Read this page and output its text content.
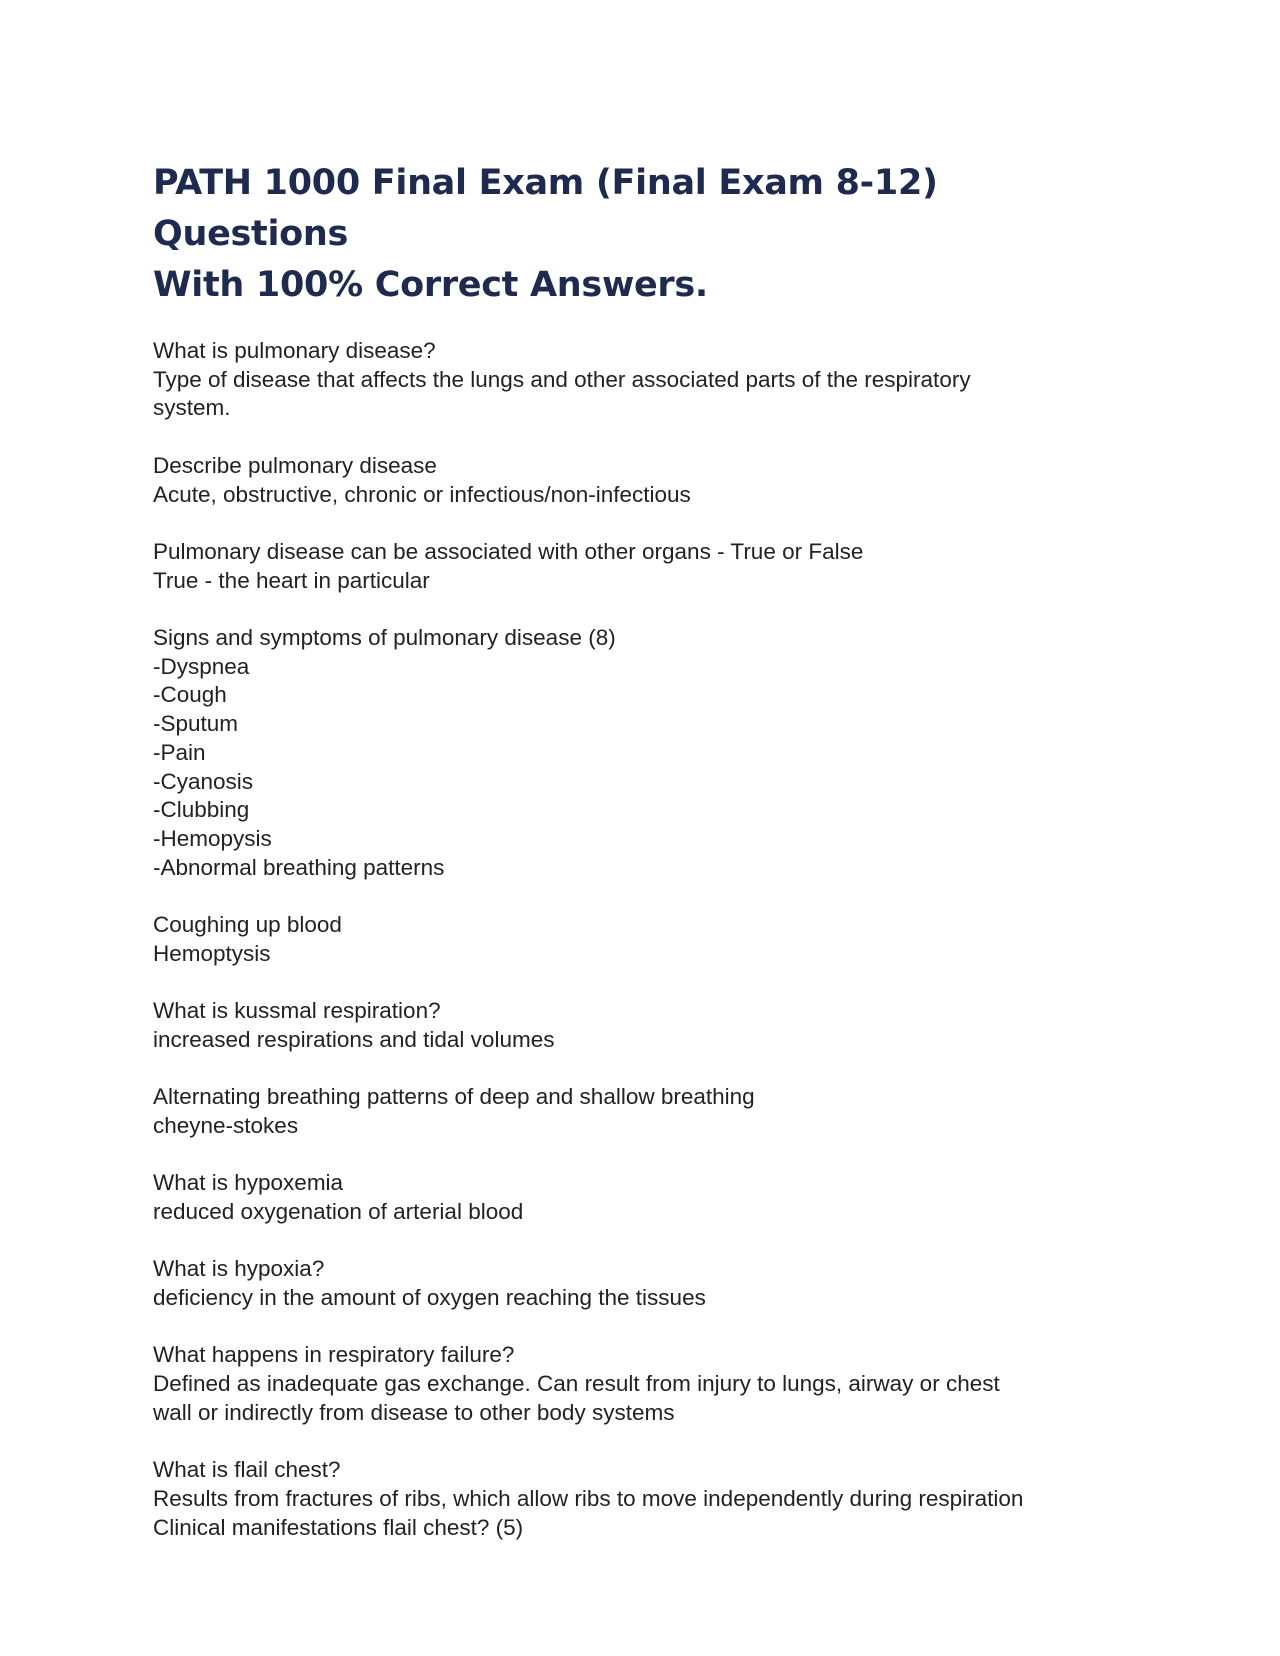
PATH 1000 Final Exam (Final Exam 8-12) Questions
With 100% Correct Answers.
What is pulmonary disease?
Type of disease that affects the lungs and other associated parts of the respiratory
system.
Describe pulmonary disease
Acute, obstructive, chronic or infectious/non-infectious
Pulmonary disease can be associated with other organs - True or False
True - the heart in particular
Signs and symptoms of pulmonary disease (8)
-Dyspnea
-Cough
-Sputum
-Pain
-Cyanosis
-Clubbing
-Hemopysis
-Abnormal breathing patterns
Coughing up blood
Hemoptysis
What is kussmal respiration?
increased respirations and tidal volumes
Alternating breathing patterns of deep and shallow breathing
cheyne-stokes
What is hypoxemia
reduced oxygenation of arterial blood
What is hypoxia?
deficiency in the amount of oxygen reaching the tissues
What happens in respiratory failure?
Defined as inadequate gas exchange. Can result from injury to lungs, airway or chest
wall or indirectly from disease to other body systems
What is flail chest?
Results from fractures of ribs, which allow ribs to move independently during respiration
Clinical manifestations flail chest? (5)
